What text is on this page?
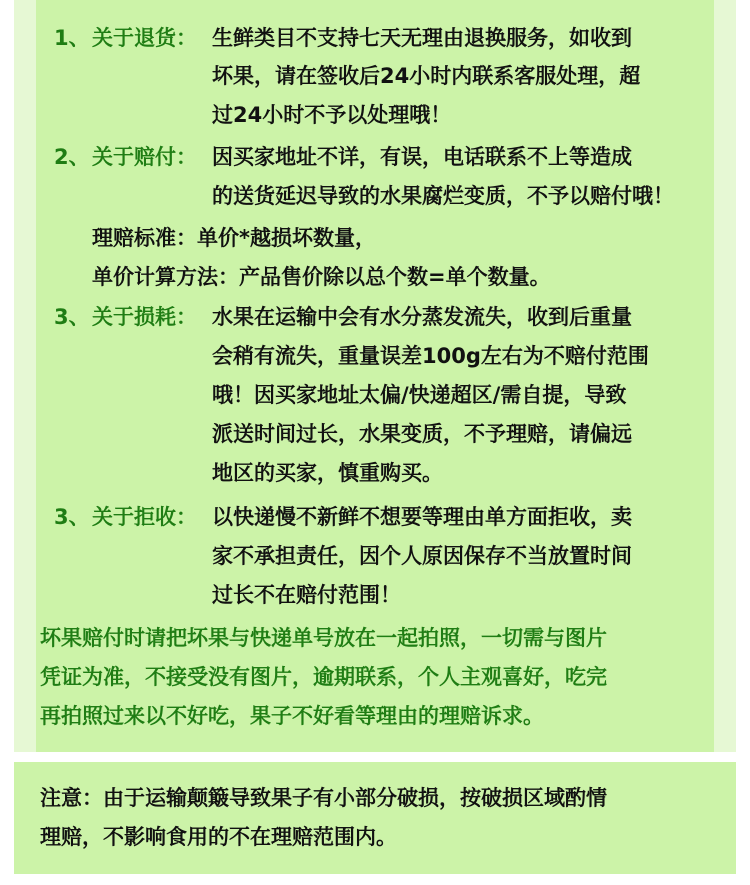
1、 关于退货： 生鲜类目不支持七天无理由退换服务，如收到
坏果，请在签收后24小时内联系客服处理，超
过24小时不予以处理哦！
2、 关于赔付： 因买家地址不详，有误，电话联系不上等造成
的送货延迟导致的水果腐烂变质，不予以赔付哦！
理赔标准：单价*越损坏数量，
单价计算方法：产品售价除以总个数=单个数量。
3、 关于损耗： 水果在运输中会有水分蒸发流失，收到后重量
会稍有流失，重量误差100g左右为不赔付范围
哦！因买家地址太偏/快递超区/需自提，导致
派送时间过长，水果变质，不予理赔，请偏远
地区的买家，慎重购买。
3、 关于拒收： 以快递慢不新鲜不想要等理由单方面拒收，卖
家不承担责任，因个人原因保存不当放置时间
过长不在赔付范围！
坏果赔付时请把坏果与快递单号放在一起拍照，一切需与图片
凭证为准，不接受没有图片，逾期联系，个人主观喜好，吃完
再拍照过来以不好吃，果子不好看等理由的理赔诉求。
注意：由于运输颠簸导致果子有小部分破损，按破损区域酌情
理赔，不影响食用的不在理赔范围内。
